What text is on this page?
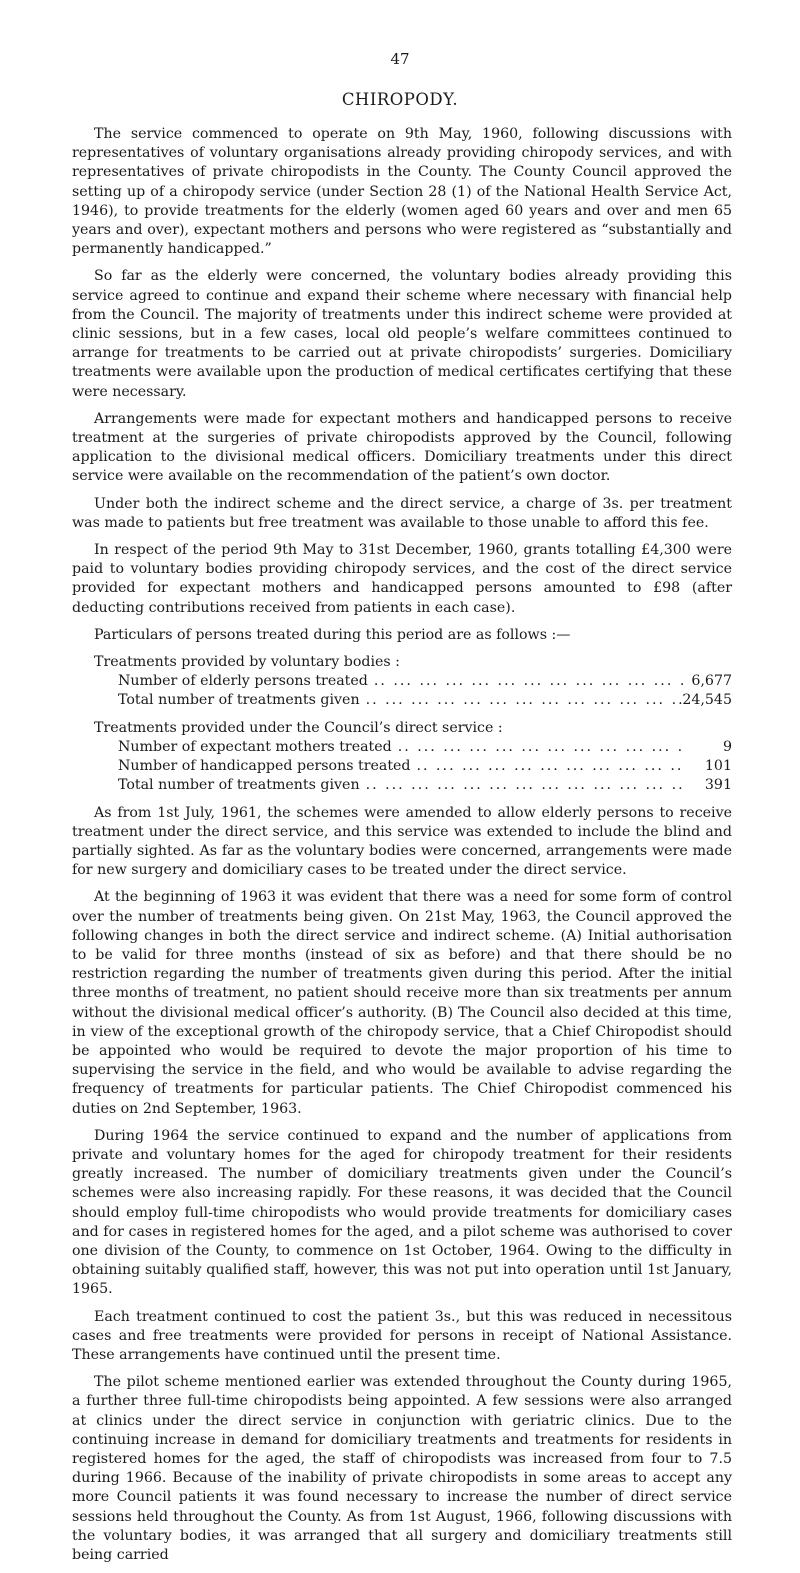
47
CHIROPODY.

The service commenced to operate on 9th May, 1960, following discussions with representatives of voluntary organisations already providing chiropody services, and with representatives of private chiropodists in the County. The County Council approved the setting up of a chiropody service (under Section 28 (1) of the National Health Service Act, 1946), to provide treatments for the elderly (women aged 60 years and over and men 65 years and over), expectant mothers and persons who were registered as “substantially and permanently handicapped.”

So far as the elderly were concerned, the voluntary bodies already providing this service agreed to continue and expand their scheme where necessary with financial help from the Council. The majority of treatments under this indirect scheme were provided at clinic sessions, but in a few cases, local old people’s welfare committees continued to arrange for treatments to be carried out at private chiropodists’ surgeries. Domiciliary treatments were available upon the production of medical certificates certifying that these were necessary.

Arrangements were made for expectant mothers and handicapped persons to receive treatment at the surgeries of private chiropodists approved by the Council, following application to the divisional medical officers. Domiciliary treatments under this direct service were available on the recommendation of the patient’s own doctor.

Under both the indirect scheme and the direct service, a charge of 3s. per treatment was made to patients but free treatment was available to those unable to afford this fee.

In respect of the period 9th May to 31st December, 1960, grants totalling £4,300 were paid to voluntary bodies providing chiropody services, and the cost of the direct service provided for expectant mothers and handicapped persons amounted to £98 (after deducting contributions received from patients in each case).

Particulars of persons treated during this period are as follows :—

Treatments provided by voluntary bodies :
Number of elderly persons treated .. ..	6,677
Total number of treatments given .. ..	24,545
Treatments provided under the Council’s direct service :
Number of expectant mothers treated .. ..	9
Number of handicapped persons treated .. ..	101
Total number of treatments given .. ..	391

As from 1st July, 1961, the schemes were amended to allow elderly persons to receive treatment under the direct service, and this service was extended to include the blind and partially sighted. As far as the voluntary bodies were concerned, arrangements were made for new surgery and domiciliary cases to be treated under the direct service.

At the beginning of 1963 it was evident that there was a need for some form of control over the number of treatments being given. On 21st May, 1963, the Council approved the following changes in both the direct service and indirect scheme. (A) Initial authorisation to be valid for three months (instead of six as before) and that there should be no restriction regarding the number of treatments given during this period. After the initial three months of treatment, no patient should receive more than six treatments per annum without the divisional medical officer’s authority. (B) The Council also decided at this time, in view of the exceptional growth of the chiropody service, that a Chief Chiropodist should be appointed who would be required to devote the major proportion of his time to supervising the service in the field, and who would be available to advise regarding the frequency of treatments for particular patients. The Chief Chiropodist commenced his duties on 2nd September, 1963.

During 1964 the service continued to expand and the number of applications from private and voluntary homes for the aged for chiropody treatment for their residents greatly increased. The number of domiciliary treatments given under the Council’s schemes were also increasing rapidly. For these reasons, it was decided that the Council should employ full-time chiropodists who would provide treatments for domiciliary cases and for cases in registered homes for the aged, and a pilot scheme was authorised to cover one division of the County, to commence on 1st October, 1964. Owing to the difficulty in obtaining suitably qualified staff, however, this was not put into operation until 1st January, 1965.

Each treatment continued to cost the patient 3s., but this was reduced in necessitous cases and free treatments were provided for persons in receipt of National Assistance. These arrangements have continued until the present time.

The pilot scheme mentioned earlier was extended throughout the County during 1965, a further three full-time chiropodists being appointed. A few sessions were also arranged at clinics under the direct service in conjunction with geriatric clinics. Due to the continuing increase in demand for domiciliary treatments and treatments for residents in registered homes for the aged, the staff of chiropodists was increased from four to 7.5 during 1966. Because of the inability of private chiropodists in some areas to accept any more Council patients it was found necessary to increase the number of direct service sessions held throughout the County. As from 1st August, 1966, following discussions with the voluntary bodies, it was arranged that all surgery and domiciliary treatments still being carried
